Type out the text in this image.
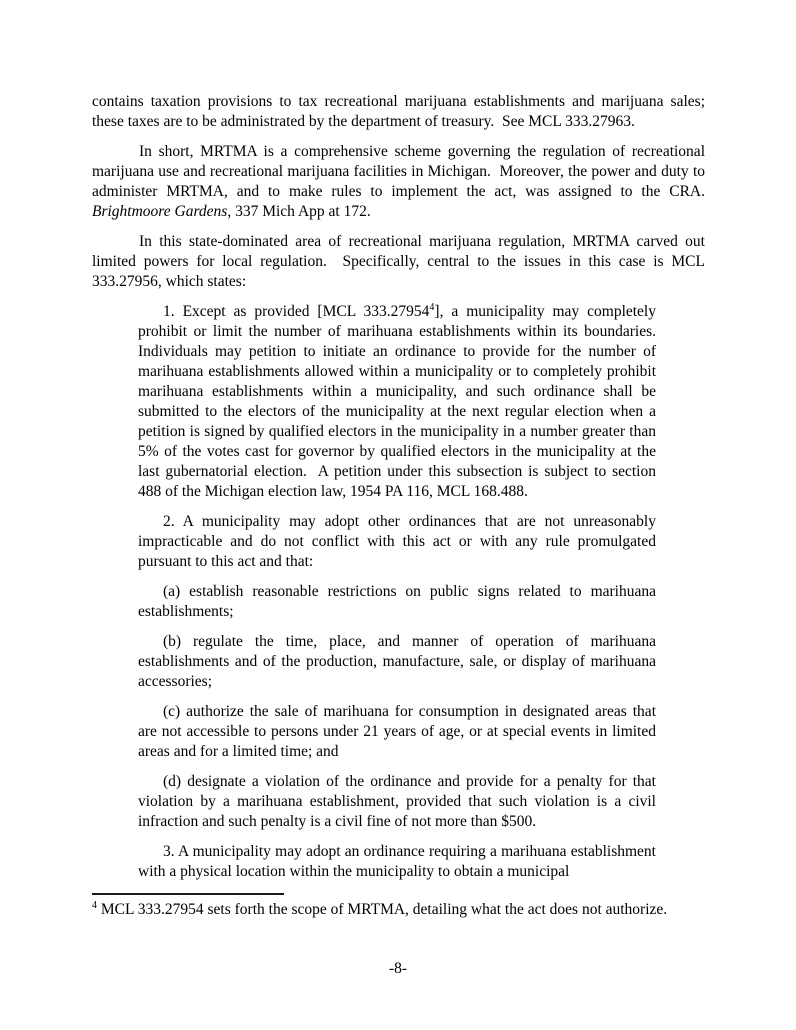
contains taxation provisions to tax recreational marijuana establishments and marijuana sales; these taxes are to be administrated by the department of treasury.  See MCL 333.27963.

In short, MRTMA is a comprehensive scheme governing the regulation of recreational marijuana use and recreational marijuana facilities in Michigan.  Moreover, the power and duty to administer MRTMA, and to make rules to implement the act, was assigned to the CRA. Brightmoore Gardens, 337 Mich App at 172.

In this state-dominated area of recreational marijuana regulation, MRTMA carved out limited powers for local regulation.  Specifically, central to the issues in this case is MCL 333.27956, which states:

1. Except as provided [MCL 333.27954$^4$], a municipality may completely prohibit or limit the number of marihuana establishments within its boundaries.  Individuals may petition to initiate an ordinance to provide for the number of marihuana establishments allowed within a municipality or to completely prohibit marihuana establishments within a municipality, and such ordinance shall be submitted to the electors of the municipality at the next regular election when a petition is signed by qualified electors in the municipality in a number greater than 5% of the votes cast for governor by qualified electors in the municipality at the last gubernatorial election.  A petition under this subsection is subject to section 488 of the Michigan election law, 1954 PA 116, MCL 168.488.

2. A municipality may adopt other ordinances that are not unreasonably impracticable and do not conflict with this act or with any rule promulgated pursuant to this act and that:

(a) establish reasonable restrictions on public signs related to marihuana establishments;

(b) regulate the time, place, and manner of operation of marihuana establishments and of the production, manufacture, sale, or display of marihuana accessories;

(c) authorize the sale of marihuana for consumption in designated areas that are not accessible to persons under 21 years of age, or at special events in limited areas and for a limited time; and

(d) designate a violation of the ordinance and provide for a penalty for that violation by a marihuana establishment, provided that such violation is a civil infraction and such penalty is a civil fine of not more than $500.

3. A municipality may adopt an ordinance requiring a marihuana establishment with a physical location within the municipality to obtain a municipal

$^4$ MCL 333.27954 sets forth the scope of MRTMA, detailing what the act does not authorize.

-8-
